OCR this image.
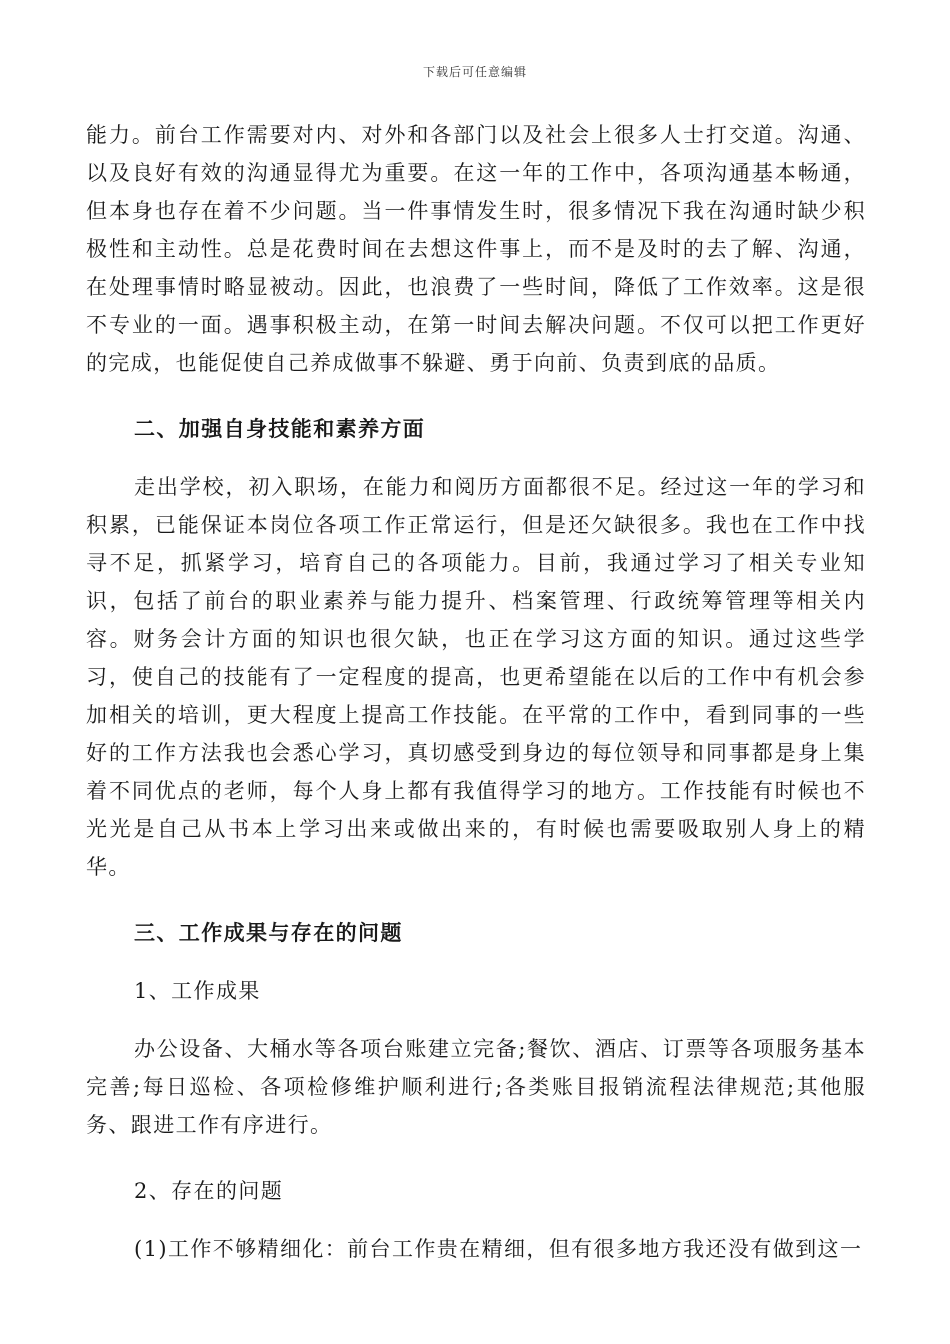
下载后可任意编辑

能力。前台工作需要对内、对外和各部门以及社会上很多人士打交道。沟通、以及良好有效的沟通显得尤为重要。在这一年的工作中，各项沟通基本畅通，但本身也存在着不少问题。当一件事情发生时，很多情况下我在沟通时缺少积极性和主动性。总是花费时间在去想这件事上，而不是及时的去了解、沟通，在处理事情时略显被动。因此，也浪费了一些时间，降低了工作效率。这是很不专业的一面。遇事积极主动，在第一时间去解决问题。不仅可以把工作更好的完成，也能促使自己养成做事不躲避、勇于向前、负责到底的品质。

二、加强自身技能和素养方面

走出学校，初入职场，在能力和阅历方面都很不足。经过这一年的学习和积累，已能保证本岗位各项工作正常运行，但是还欠缺很多。我也在工作中找寻不足，抓紧学习，培育自己的各项能力。目前，我通过学习了相关专业知识，包括了前台的职业素养与能力提升、档案管理、行政统筹管理等相关内容。财务会计方面的知识也很欠缺，也正在学习这方面的知识。通过这些学习，使自己的技能有了一定程度的提高，也更希望能在以后的工作中有机会参加相关的培训，更大程度上提高工作技能。在平常的工作中，看到同事的一些好的工作方法我也会悉心学习，真切感受到身边的每位领导和同事都是身上集着不同优点的老师，每个人身上都有我值得学习的地方。工作技能有时候也不光光是自己从书本上学习出来或做出来的，有时候也需要吸取别人身上的精华。

三、工作成果与存在的问题

1、工作成果

办公设备、大桶水等各项台账建立完备;餐饮、酒店、订票等各项服务基本完善;每日巡检、各项检修维护顺利进行;各类账目报销流程法律规范;其他服务、跟进工作有序进行。

2、存在的问题

(1)工作不够精细化：前台工作贵在精细，但有很多地方我还没有做到这一
